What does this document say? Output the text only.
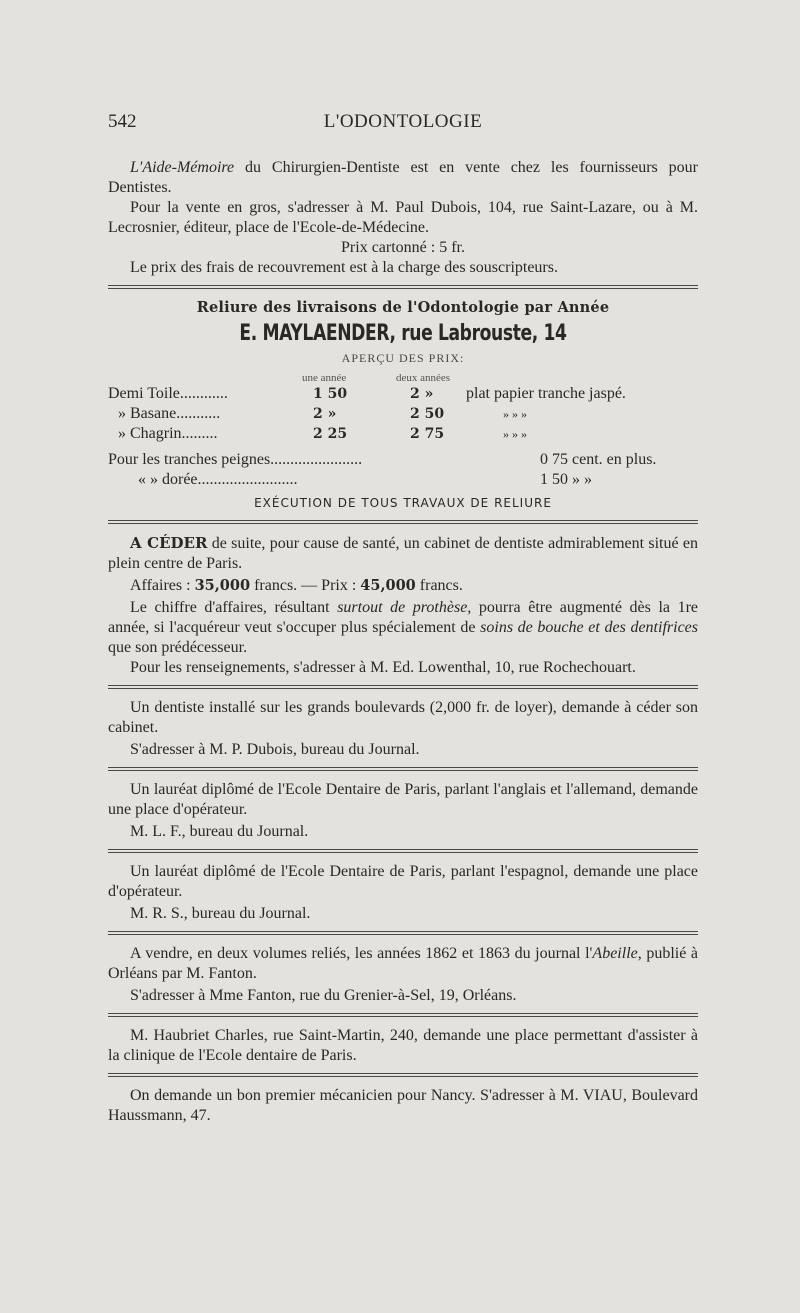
542	L'ODONTOLOGIE

L'Aide-Mémoire du Chirurgien-Dentiste est en vente chez les fournisseurs pour Dentistes.

Pour la vente en gros, s'adresser à M. Paul Dubois, 104, rue Saint-Lazare, ou à M. Lecrosnier, éditeur, place de l'Ecole-de-Médecine.

Prix cartonné : 5 fr.

Le prix des frais de recouvrement est à la charge des souscripteurs.

Reliure des livraisons de l'Odontologie par Année

E. MAYLAENDER, rue Labrouste, 14

APERÇU DES PRIX:

une année	deux années
Demi Toile............	1 50	2 » plat papier tranche jaspé.
» Basane...........	2 »	2 50	» » »
» Chagrin.........	2 25	2 75	» » »
Pour les tranches peignes.......................	0 75 cent. en plus.
« » dorée.........................	1 50 » »

EXÉCUTION DE TOUS TRAVAUX DE RELIURE

A CÉDER de suite, pour cause de santé, un cabinet de dentiste admirablement situé en plein centre de Paris.

Affaires : 35,000 francs. — Prix : 45,000 francs.

Le chiffre d'affaires, résultant surtout de prothèse, pourra être augmenté dès la 1re année, si l'acquéreur veut s'occuper plus spécialement de soins de bouche et des dentifrices que son prédécesseur.

Pour les renseignements, s'adresser à M. Ed. Lowenthal, 10, rue Rochechouart.

Un dentiste installé sur les grands boulevards (2,000 fr. de loyer), demande à céder son cabinet.

S'adresser à M. P. Dubois, bureau du Journal.

Un lauréat diplômé de l'Ecole Dentaire de Paris, parlant l'anglais et l'allemand, demande une place d'opérateur.

M. L. F., bureau du Journal.

Un lauréat diplômé de l'Ecole Dentaire de Paris, parlant l'espagnol, demande une place d'opérateur.

M. R. S., bureau du Journal.

A vendre, en deux volumes reliés, les années 1862 et 1863 du journal l'Abeille, publié à Orléans par M. Fanton.

S'adresser à Mme Fanton, rue du Grenier-à-Sel, 19, Orléans.

M. Haubriet Charles, rue Saint-Martin, 240, demande une place permettant d'assister à la clinique de l'Ecole dentaire de Paris.

On demande un bon premier mécanicien pour Nancy. S'adresser à M. VIAU, Boulevard Haussmann, 47.
